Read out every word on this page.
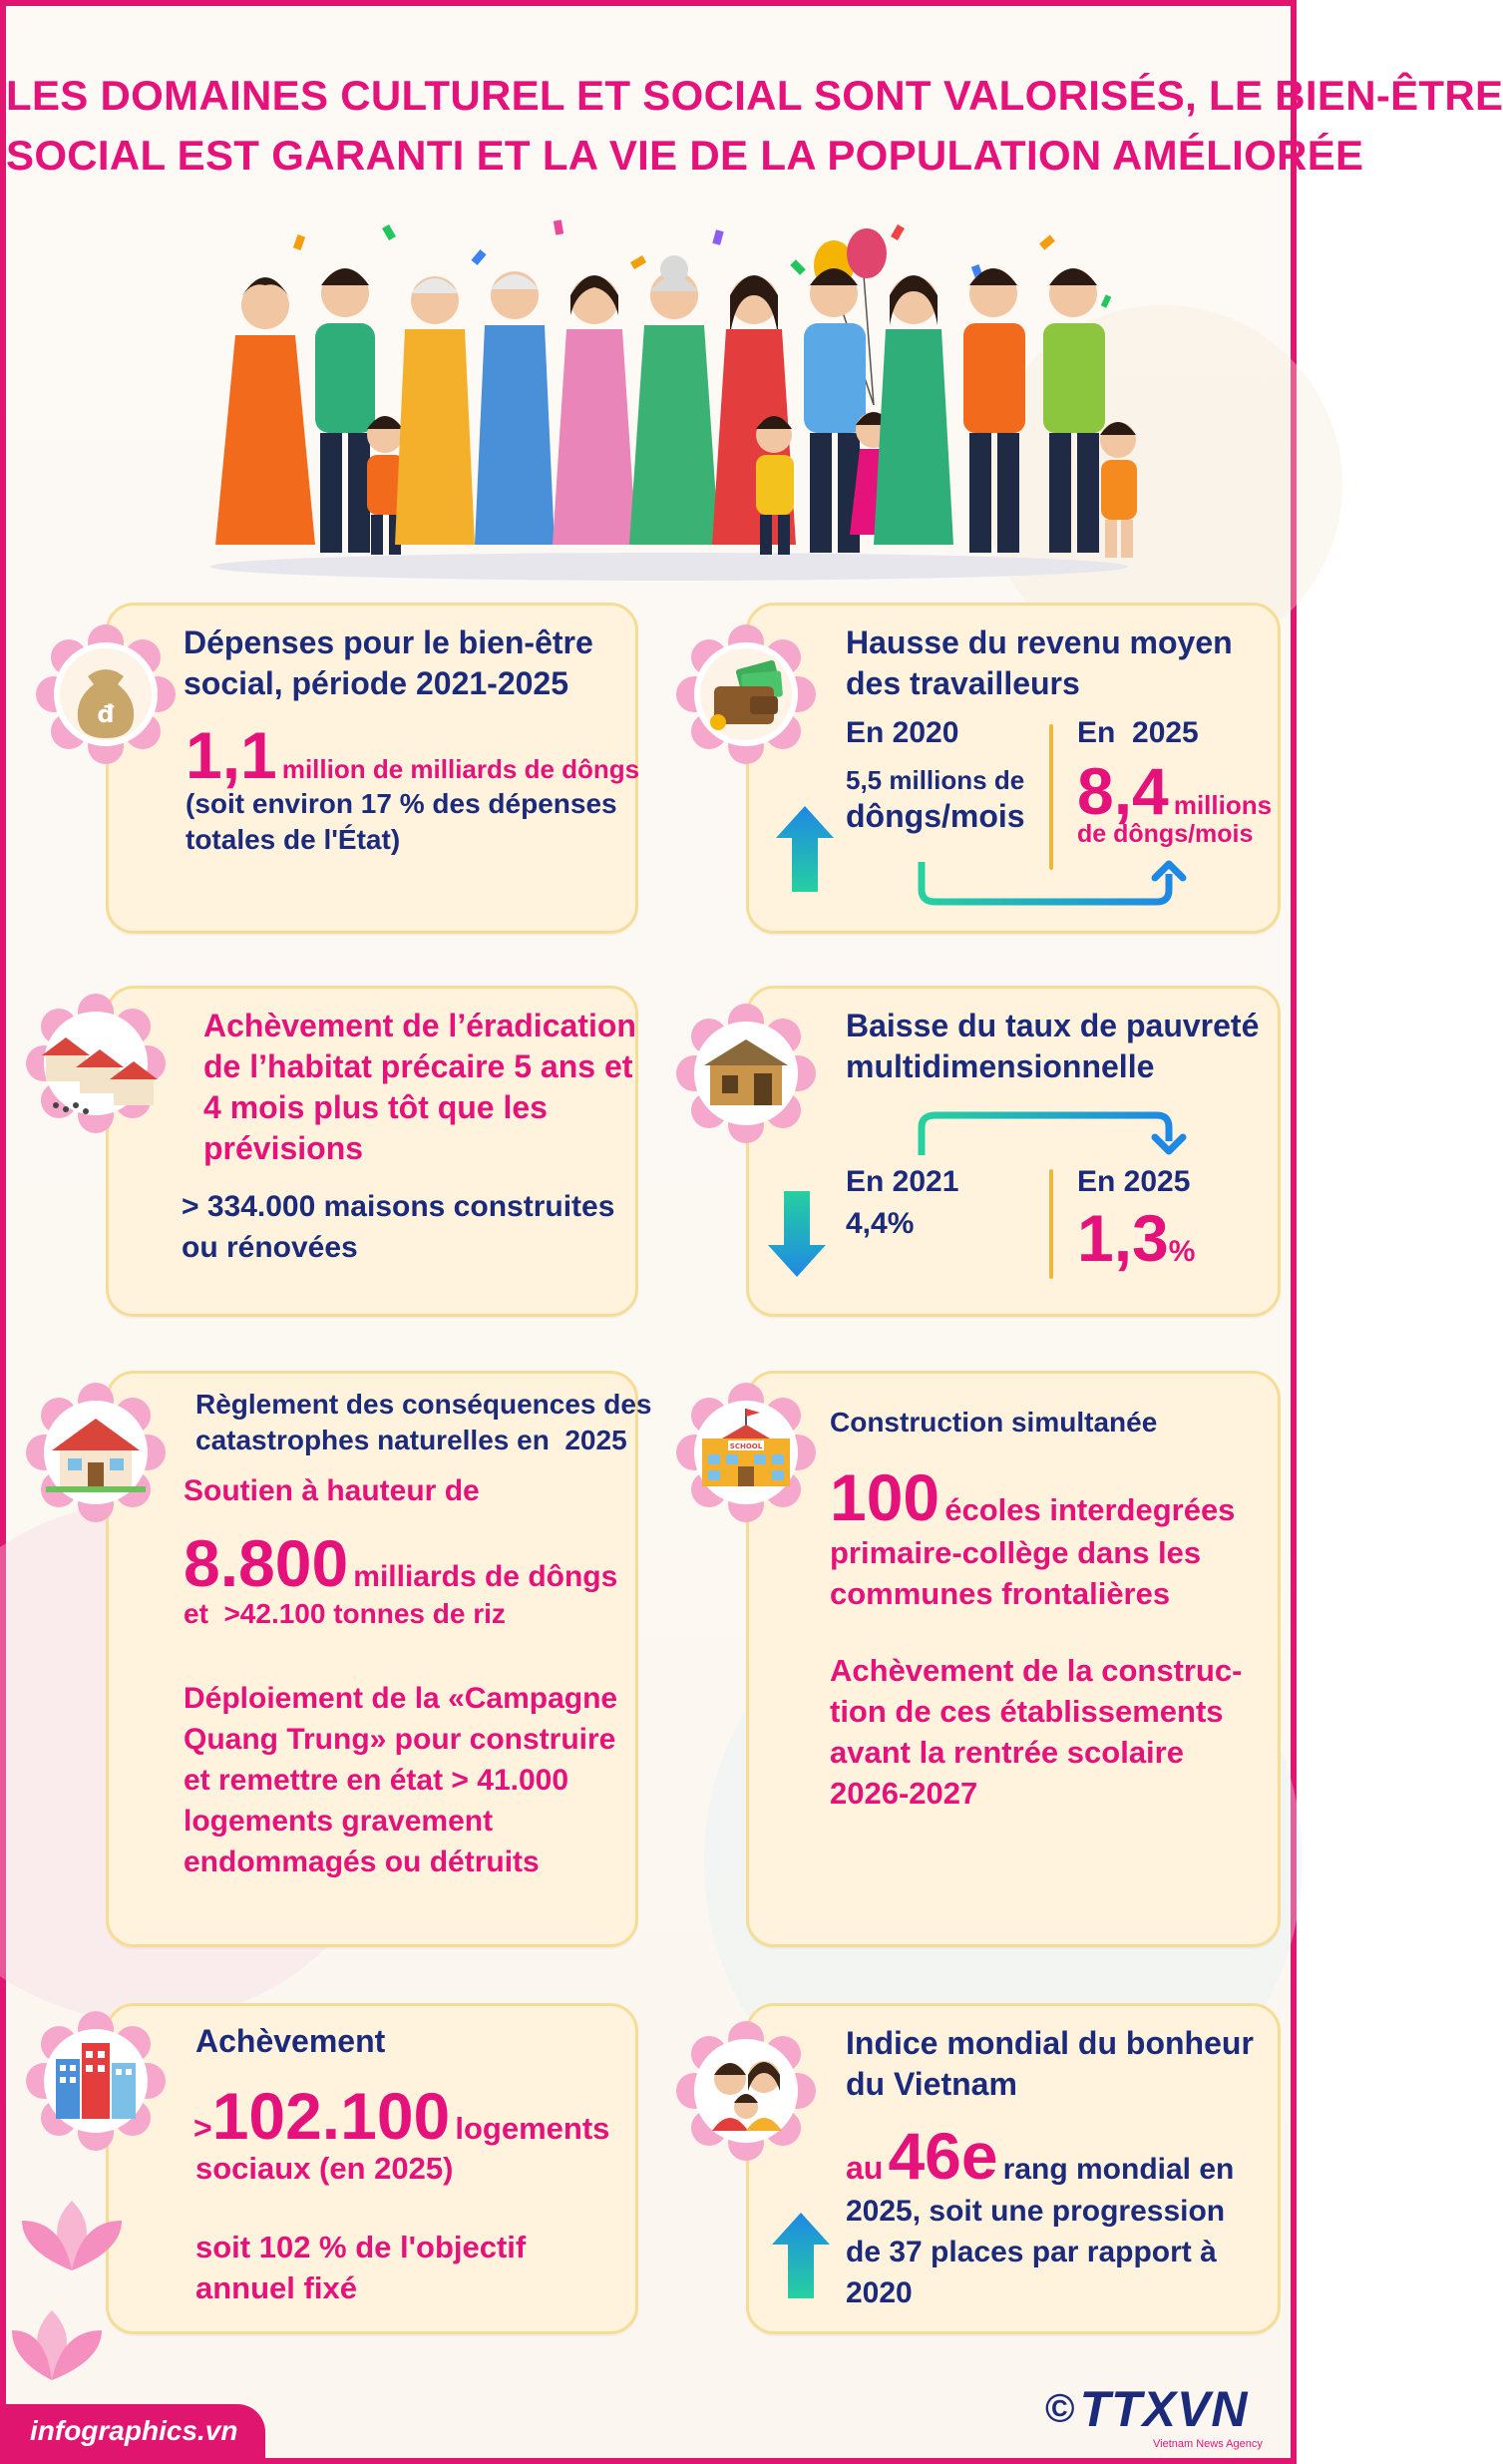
LES DOMAINES CULTUREL ET SOCIAL SONT VALORISÉS, LE BIEN-ÊTRE
SOCIAL EST GARANTI ET LA VIE DE LA POPULATION AMÉLIORÉE
đ
Dépenses pour le bien-être
social, période 2021-2025
1,1 million de milliards de dôngs
(soit environ 17 % des dépenses
totales de l'État)
Hausse du revenu moyen
des travailleurs
En 2020
5,5 millions de
dôngs/mois
En  2025
8,4 millions
de dôngs/mois
Achèvement de l’éradication
de l’habitat précaire 5 ans et
4 mois plus tôt que les
prévisions
> 334.000 maisons construites
ou rénovées
Baisse du taux de pauvreté
multidimensionnelle
En 2021
4,4%
En 2025
1,3%
Règlement des conséquences des
catastrophes naturelles en  2025
Soutien à hauteur de
8.800 milliards de dôngs
et  >42.100 tonnes de riz
Déploiement de la «Campagne
Quang Trung» pour construire
et remettre en état > 41.000
logements gravement
endommagés ou détruits
SCHOOL
Construction simultanée
100 écoles interdegrées
primaire-collège dans les
communes frontalières
Achèvement de la construc-
tion de ces établissements
avant la rentrée scolaire
2026-2027
Achèvement
>102.100 logements
sociaux (en 2025)
soit 102 % de l'objectif
annuel fixé
Indice mondial du bonheur
du Vietnam
au 46e rang mondial en
2025, soit une progression
de 37 places par rapport à
2020
infographics.vn	© TTXVN
Vietnam News Agency
